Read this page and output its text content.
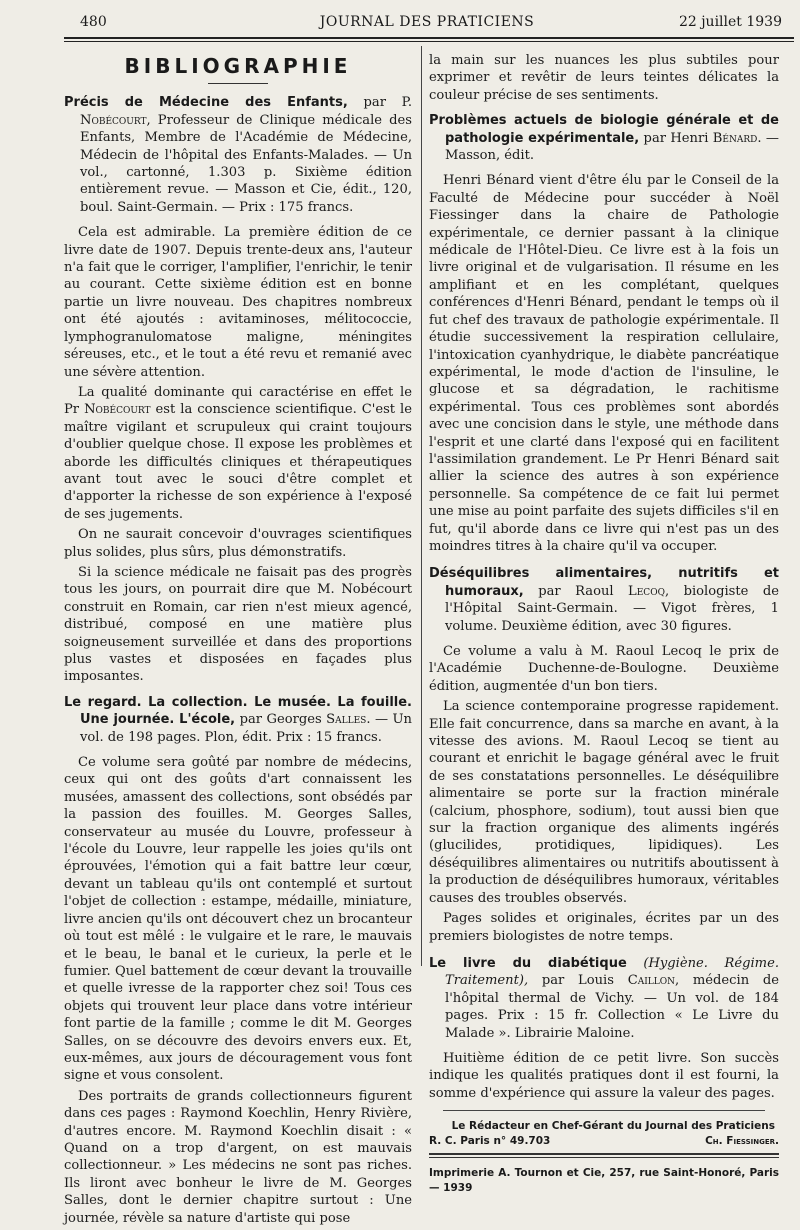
480	JOURNAL DES PRATICIENS	22 juillet 1939
BIBLIOGRAPHIE
Précis de Médecine des Enfants, par P. Nobécourt, Professeur de Clinique médicale des Enfants, Membre de l'Académie de Médecine, Médecin de l'hôpital des Enfants-Malades. — Un vol., cartonné, 1.303 p. Sixième édition entièrement revue. — Masson et Cie, édit., 120, boul. Saint-Germain. — Prix : 175 francs.

Cela est admirable. La première édition de ce livre date de 1907. Depuis trente-deux ans, l'auteur n'a fait que le corriger, l'amplifier, l'enrichir, le tenir au courant. Cette sixième édition est en bonne partie un livre nouveau. Des chapitres nombreux ont été ajoutés : avitaminoses, mélitococcie, lymphogranulomatose maligne, méningites séreuses, etc., et le tout a été revu et remanié avec une sévère attention.

La qualité dominante qui caractérise en effet le Pr Nobécourt est la conscience scientifique. C'est le maître vigilant et scrupuleux qui craint toujours d'oublier quelque chose. Il expose les problèmes et aborde les difficultés cliniques et thérapeutiques avant tout avec le souci d'être complet et d'apporter la richesse de son expérience à l'exposé de ses jugements.

On ne saurait concevoir d'ouvrages scientifiques plus solides, plus sûrs, plus démonstratifs.

Si la science médicale ne faisait pas des progrès tous les jours, on pourrait dire que M. Nobécourt construit en Romain, car rien n'est mieux agencé, distribué, composé en une matière plus soigneusement surveillée et dans des proportions plus vastes et disposées en façades plus imposantes.

Le regard. La collection. Le musée. La fouille. Une journée. L'école, par Georges Salles. — Un vol. de 198 pages. Plon, édit. Prix : 15 francs.

Ce volume sera goûté par nombre de médecins, ceux qui ont des goûts d'art connaissent les musées, amassent des collections, sont obsédés par la passion des fouilles. M. Georges Salles, conservateur au musée du Louvre, professeur à l'école du Louvre, leur rappelle les joies qu'ils ont éprouvées, l'émotion qui a fait battre leur cœur, devant un tableau qu'ils ont contemplé et surtout l'objet de collection : estampe, médaille, miniature, livre ancien qu'ils ont découvert chez un brocanteur où tout est mêlé : le vulgaire et le rare, le mauvais et le beau, le banal et le curieux, la perle et le fumier. Quel battement de cœur devant la trouvaille et quelle ivresse de la rapporter chez soi! Tous ces objets qui trouvent leur place dans votre intérieur font partie de la famille ; comme le dit M. Georges Salles, on se découvre des devoirs envers eux. Et, eux-mêmes, aux jours de découragement vous font signe et vous consolent.

Des portraits de grands collectionneurs figurent dans ces pages : Raymond Koechlin, Henry Rivière, d'autres encore. M. Raymond Koechlin disait : « Quand on a trop d'argent, on est mauvais collectionneur. » Les médecins ne sont pas riches. Ils liront avec bonheur le livre de M. Georges Salles, dont le dernier chapitre surtout : Une journée, révèle sa nature d'artiste qui pose

la main sur les nuances les plus subtiles pour exprimer et revêtir de leurs teintes délicates la couleur précise de ses sentiments.

Problèmes actuels de biologie générale et de pathologie expérimentale, par Henri Bénard. — Masson, édit.

Henri Bénard vient d'être élu par le Conseil de la Faculté de Médecine pour succéder à Noël Fiessinger dans la chaire de Pathologie expérimentale, ce dernier passant à la clinique médicale de l'Hôtel-Dieu. Ce livre est à la fois un livre original et de vulgarisation. Il résume en les amplifiant et en les complétant, quelques conférences d'Henri Bénard, pendant le temps où il fut chef des travaux de pathologie expérimentale. Il étudie successivement la respiration cellulaire, l'intoxication cyanhydrique, le diabète pancréatique expérimental, le mode d'action de l'insuline, le glucose et sa dégradation, le rachitisme expérimental. Tous ces problèmes sont abordés avec une concision dans le style, une méthode dans l'esprit et une clarté dans l'exposé qui en facilitent l'assimilation grandement. Le Pr Henri Bénard sait allier la science des autres à son expérience personnelle. Sa compétence de ce fait lui permet une mise au point parfaite des sujets difficiles s'il en fut, qu'il aborde dans ce livre qui n'est pas un des moindres titres à la chaire qu'il va occuper.

Déséquilibres alimentaires, nutritifs et humoraux, par Raoul Lecoq, biologiste de l'Hôpital Saint-Germain. — Vigot frères, 1 volume. Deuxième édition, avec 30 figures.

Ce volume a valu à M. Raoul Lecoq le prix de l'Académie Duchenne-de-Boulogne. Deuxième édition, augmentée d'un bon tiers.

La science contemporaine progresse rapidement. Elle fait concurrence, dans sa marche en avant, à la vitesse des avions. M. Raoul Lecoq se tient au courant et enrichit le bagage général avec le fruit de ses constatations personnelles. Le déséquilibre alimentaire se porte sur la fraction minérale (calcium, phosphore, sodium), tout aussi bien que sur la fraction organique des aliments ingérés (glucilides, protidiques, lipidiques). Les déséquilibres alimentaires ou nutritifs aboutissent à la production de déséquilibres humoraux, véritables causes des troubles observés.

Pages solides et originales, écrites par un des premiers biologistes de notre temps.

Le livre du diabétique (Hygiène. Régime. Traitement), par Louis Caillon, médecin de l'hôpital thermal de Vichy. — Un vol. de 184 pages. Prix : 15 fr. Collection « Le Livre du Malade ». Librairie Maloine.

Huitième édition de ce petit livre. Son succès indique les qualités pratiques dont il est fourni, la somme d'expérience qui assure la valeur des pages.

Le Rédacteur en Chef-Gérant du Journal des Praticiens
R. C. Paris n° 49.703	Ch. Fiessinger.
Imprimerie A. Tournon et Cie, 257, rue Saint-Honoré, Paris — 1939
